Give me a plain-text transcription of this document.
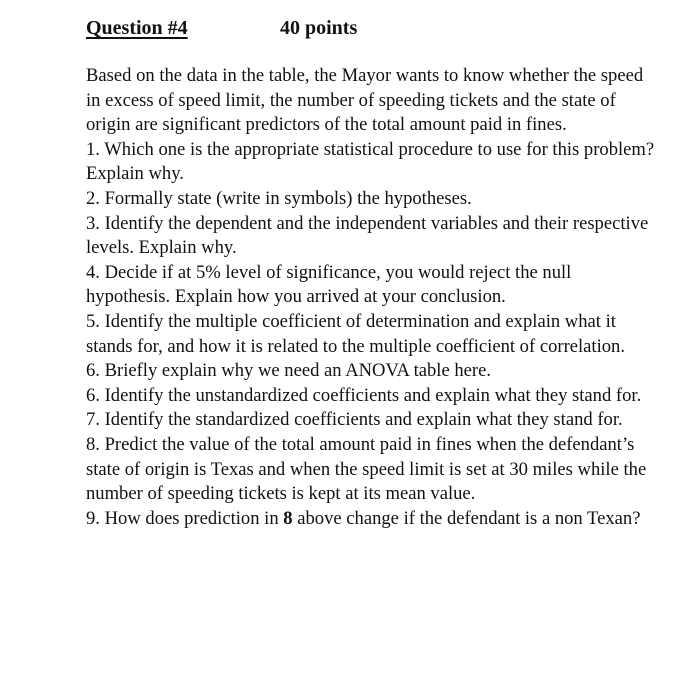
Question #4	40 points

Based on the data in the table, the Mayor wants to know whether the speed in excess of speed limit, the number of speeding tickets and the state of origin are significant predictors of the total amount paid in fines.

1. Which one is the appropriate statistical procedure to use for this problem? Explain why.

2. Formally state (write in symbols) the hypotheses.

3. Identify the dependent and the independent variables and their respective levels. Explain why.

4. Decide if at 5% level of significance, you would reject the null hypothesis. Explain how you arrived at your conclusion.

5. Identify the multiple coefficient of determination and explain what it stands for, and how it is related to the multiple coefficient of correlation.

6. Briefly explain why we need an ANOVA table here.

6. Identify the unstandardized coefficients and explain what they stand for.

7. Identify the standardized coefficients and explain what they stand for.

8. Predict the value of the total amount paid in fines when the defendant’s state of origin is Texas and when the speed limit is set at 30 miles while the number of speeding tickets is kept at its mean value.

9. How does prediction in 8 above change if the defendant is a non Texan?
